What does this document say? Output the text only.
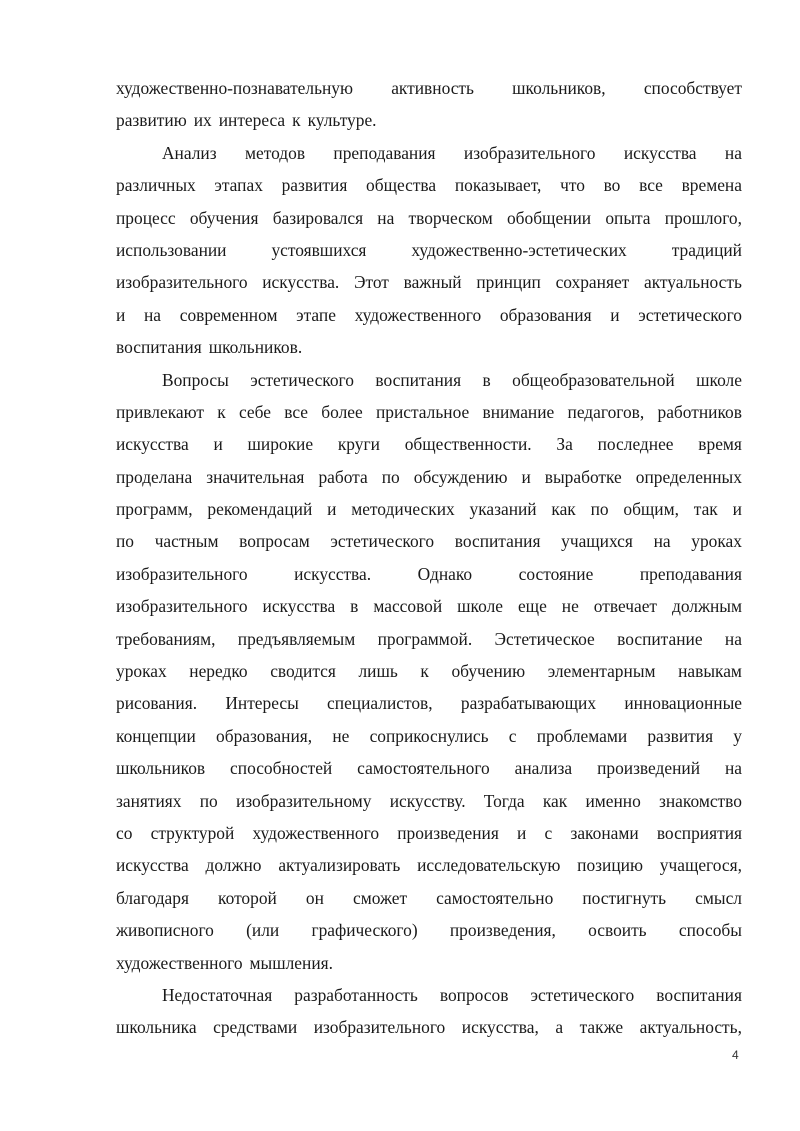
художественно-познавательную активность школьников, способствует
развитию их интереса к культуре.
Анализ методов преподавания изобразительного искусства на
различных этапах развития общества показывает, что во все времена
процесс обучения базировался на творческом обобщении опыта прошлого,
использовании	устоявшихся	художественно-эстетических	традиций
изобразительного искусства. Этот важный принцип сохраняет актуальность
и на современном этапе художественного образования и эстетического
воспитания школьников.
Вопросы эстетического воспитания в общеобразовательной школе
привлекают к себе все более пристальное внимание педагогов, работников
искусства и широкие круги общественности. За последнее время
проделана значительная работа по обсуждению и выработке определенных
программ, рекомендаций и методических указаний как по общим, так и
по частным вопросам эстетического воспитания учащихся на уроках
изобразительного	искусства.	Однако	состояние	преподавания
изобразительного искусства в массовой школе еще не отвечает должным
требованиям, предъявляемым программой. Эстетическое воспитание на
уроках нередко сводится лишь к обучению элементарным навыкам
рисования. Интересы специалистов, разрабатывающих инновационные
концепции образования, не соприкоснулись с проблемами развития у
школьников способностей самостоятельного анализа произведений на
занятиях по изобразительному искусству. Тогда как именно знакомство
со структурой художественного произведения и с законами восприятия
искусства должно актуализировать исследовательскую позицию учащегося,
благодаря которой он сможет самостоятельно постигнуть смысл
живописного (или графического) произведения, освоить способы
художественного мышления.
Недостаточная разработанность вопросов эстетического воспитания
школьника средствами изобразительного искусства, а также актуальность,
4
